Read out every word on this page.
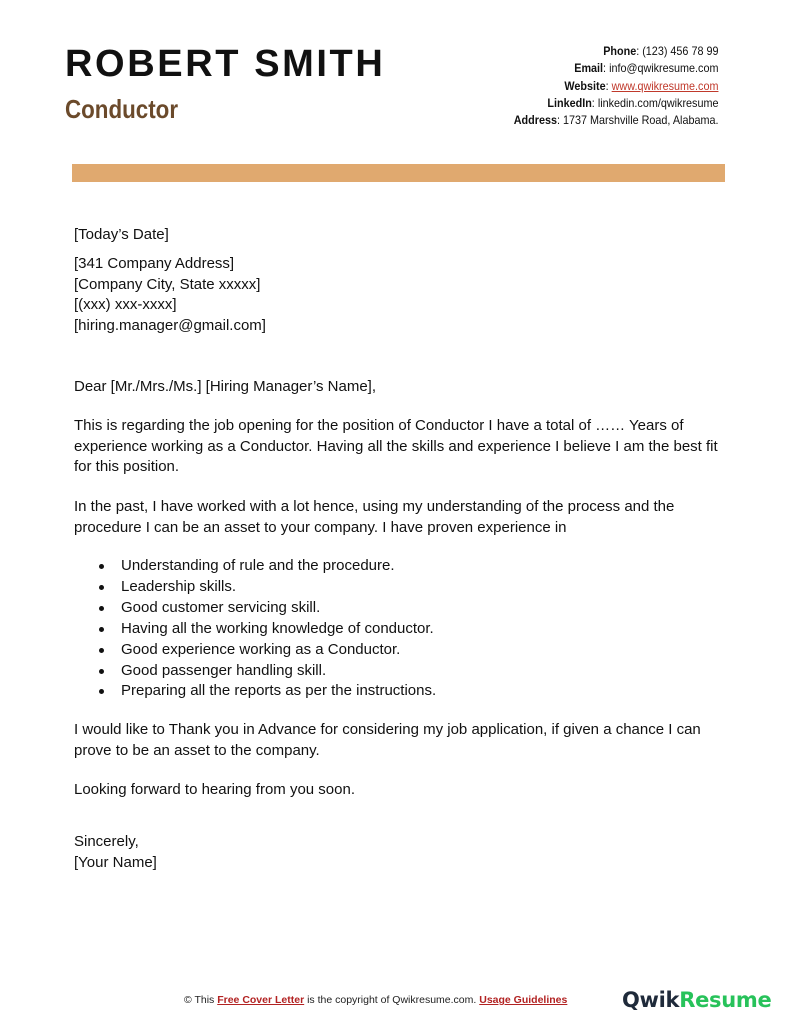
ROBERT SMITH
Conductor
Phone: (123) 456 78 99
Email: info@qwikresume.com
Website: www.qwikresume.com
LinkedIn: linkedin.com/qwikresume
Address: 1737 Marshville Road, Alabama.
[Today’s Date]
[341 Company Address]
[Company City, State xxxxx]
[(xxx) xxx-xxxx]
[hiring.manager@gmail.com]
Dear [Mr./Mrs./Ms.] [Hiring Manager’s Name],
This is regarding the job opening for the position of Conductor I have a total of …… Years of experience working as a Conductor. Having all the skills and experience I believe I am the best fit for this position.
In the past, I have worked with a lot hence, using my understanding of the process and the procedure I can be an asset to your company. I have proven experience in
Understanding of rule and the procedure.
Leadership skills.
Good customer servicing skill.
Having all the working knowledge of conductor.
Good experience working as a Conductor.
Good passenger handling skill.
Preparing all the reports as per the instructions.
I would like to Thank you in Advance for considering my job application, if given a chance I can prove to be an asset to the company.
Looking forward to hearing from you soon.
Sincerely,
[Your Name]
© This Free Cover Letter is the copyright of Qwikresume.com. Usage Guidelines	QwikResume
